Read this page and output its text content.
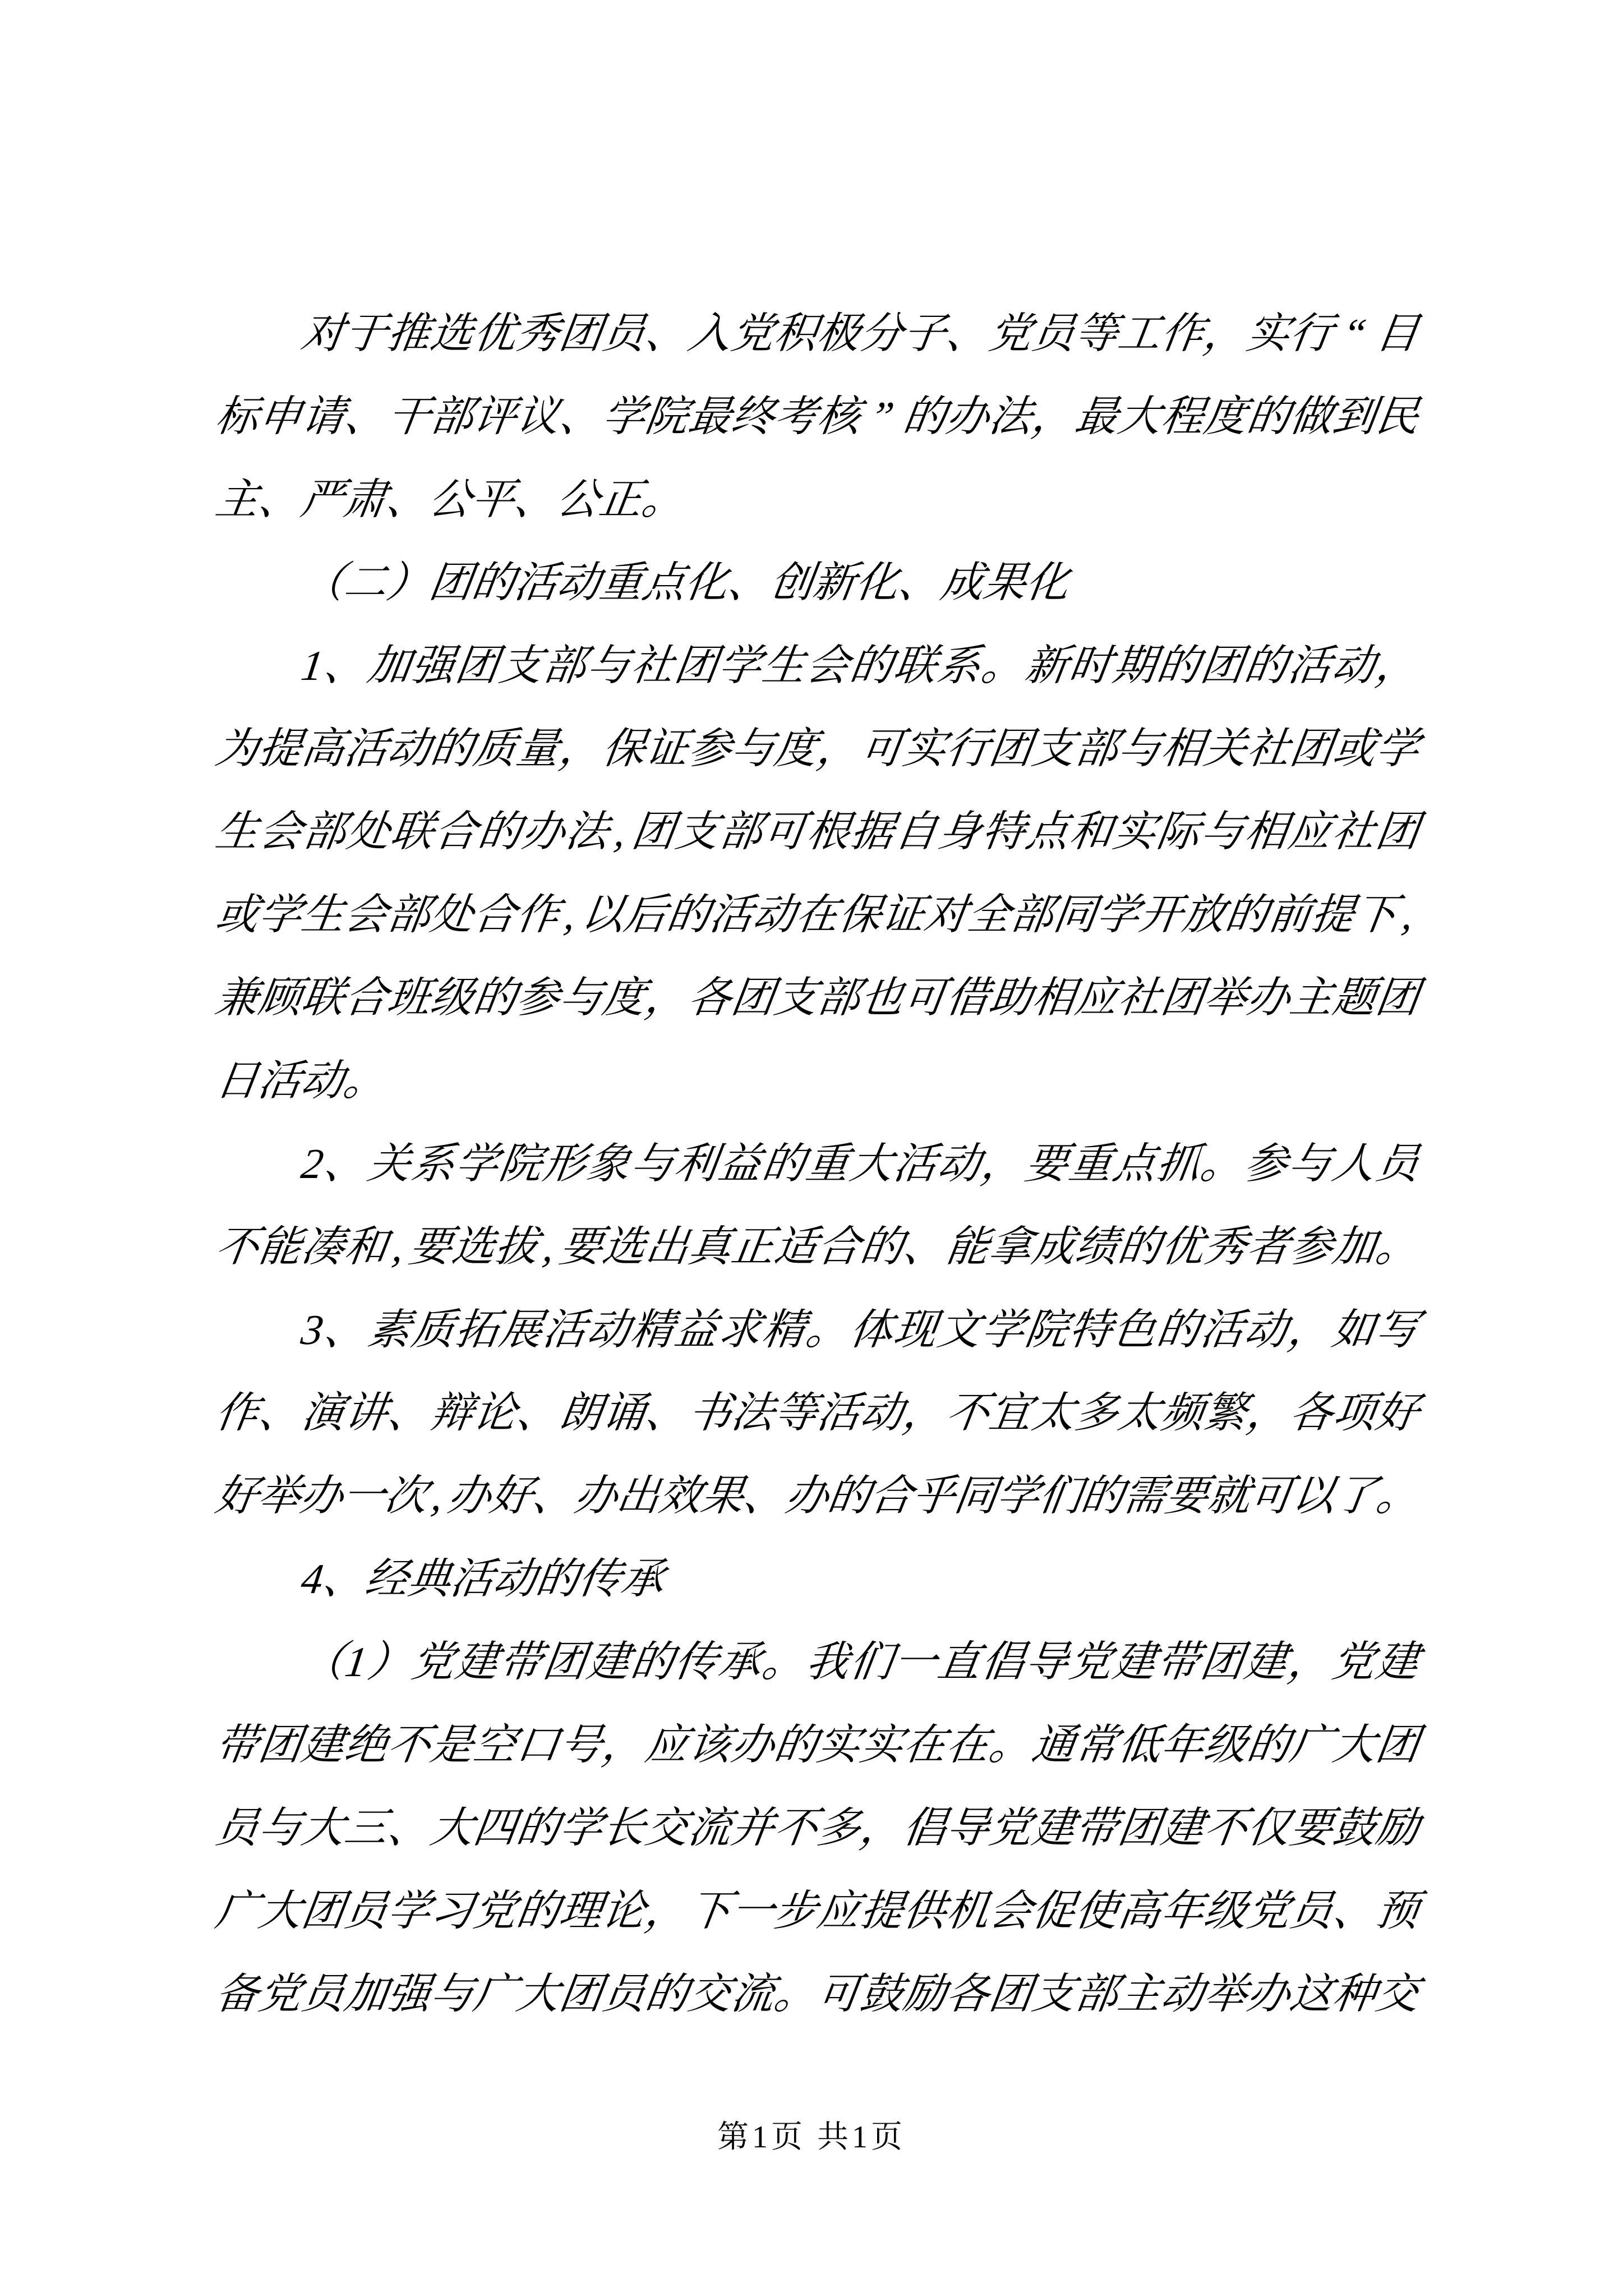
对
于
推
选
优
秀
团
员
、
入
党
积
极
分
子
、
党
员
等
工
作
，
实
行 “ 目
标
申
请
、
干
部
评
议
、
学
院
最
终
考
核 ” 的
办
法
，
最
大
程
度
的
做
到
民
主
、
严
肃
、
公
平
、
公
正
。
（
二
）
团
的
活
动
重
点
化
、
创
新
化
、
成
果
化
1
、
加
强
团
支
部
与
社
团
学
生
会
的
联
系
。
新
时
期
的
团
的
活
动
，
为
提
高
活
动
的
质
量
，
保
证
参
与
度
，
可
实
行
团
支
部
与
相
关
社
团
或
学
生
会
部
处
联
合
的
办
法 , 团
支
部
可
根
据
自
身
特
点
和
实
际
与
相
应
社
团
或
学
生
会
部
处
合
作
,
以
后
的
活
动
在
保
证
对
全
部
同
学
开
放
的
前
提
下
,
兼
顾
联
合
班
级
的
参
与
度
，
各
团
支
部
也
可
借
助
相
应
社
团
举
办
主
题
团
日
活
动
。
2
、
关
系
学
院
形
象
与
利
益
的
重
大
活
动
，
要
重
点
抓
。
参
与
人
员
不
能
凑
和
,
要
选
拔
,
要
选
出
真
正
适
合
的
、
能
拿
成
绩
的
优
秀
者
参
加
。
3
、
素
质
拓
展
活
动
精
益
求
精
。
体
现
文
学
院
特
色
的
活
动
，
如
写
作
、
演
讲
、
辩
论
、
朗
诵
、
书
法
等
活
动
，
不
宜
太
多
太
频
繁
，
各
项
好
好
举
办
一
次
,
办
好
、
办
出
效
果
、
办
的
合
乎
同
学
们
的
需
要
就
可
以
了
。
4
、
经
典
活
动
的
传
承
（
1
）
党
建
带
团
建
的
传
承
。
我
们
一
直
倡
导
党
建
带
团
建
，
党
建
带
团
建
绝
不
是
空
口
号
，
应
该
办
的
实
实
在
在
。
通
常
低
年
级
的
广
大
团
员
与
大
三
、
大
四
的
学
长
交
流
并
不
多
，
倡
导
党
建
带
团
建
不
仅
要
鼓
励
广
大
团
员
学
习
党
的
理
论
，
下
一
步
应
提
供
机
会
促
使
高
年
级
党
员
、
预
备
党
员
加
强
与
广
大
团
员
的
交
流
。
可
鼓
励
各
团
支
部
主
动
举
办
这
种
交
第1页 共1页
